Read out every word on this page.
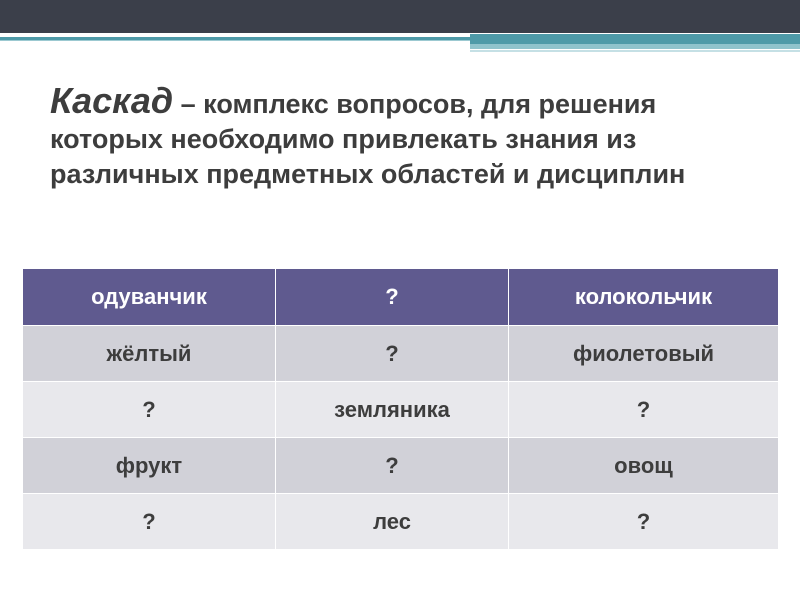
Каскад – комплекс вопросов, для решения которых необходимо привлекать знания из различных предметных областей и дисциплин
одуванчик	?	колокольчик
жёлтый	?	фиолетовый
?	земляника	?
фрукт	?	овощ
?	лес	?
